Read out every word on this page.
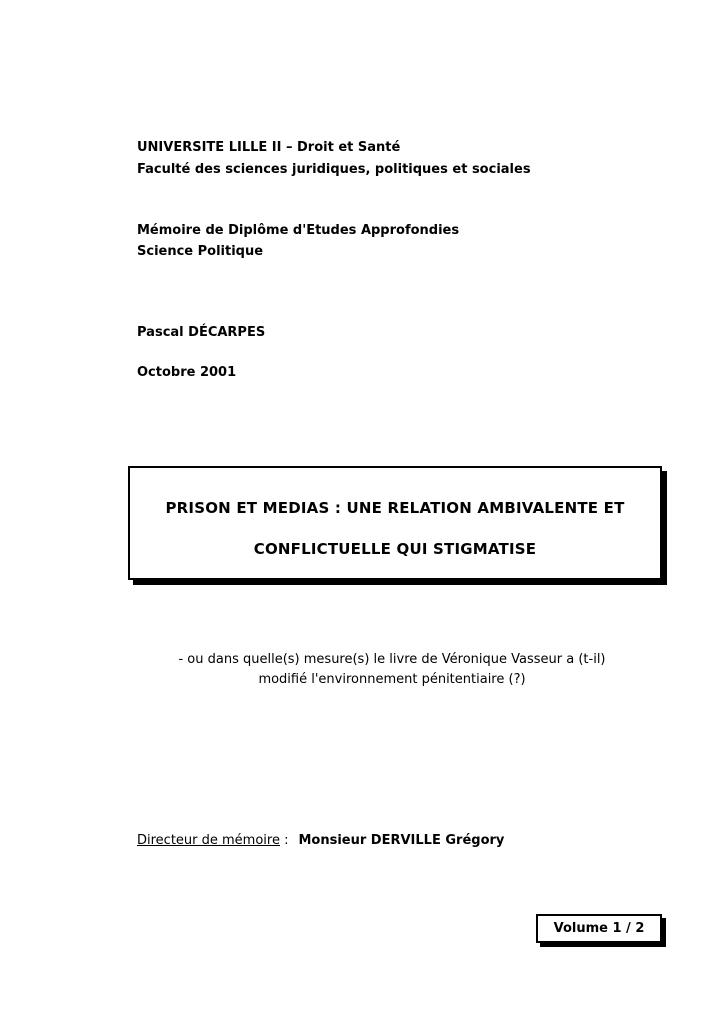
UNIVERSITE LILLE II – Droit et Santé
Faculté des sciences juridiques, politiques et sociales
Mémoire de Diplôme d'Etudes Approfondies
Science Politique
Pascal DÉCARPES
Octobre 2001
PRISON ET MEDIAS : UNE RELATION AMBIVALENTE ET
CONFLICTUELLE QUI STIGMATISE
- ou dans quelle(s) mesure(s) le livre de Véronique Vasseur a (t-il)
modifié l'environnement pénitentiaire (?)
Directeur de mémoire : Monsieur DERVILLE Grégory
Volume 1 / 2
